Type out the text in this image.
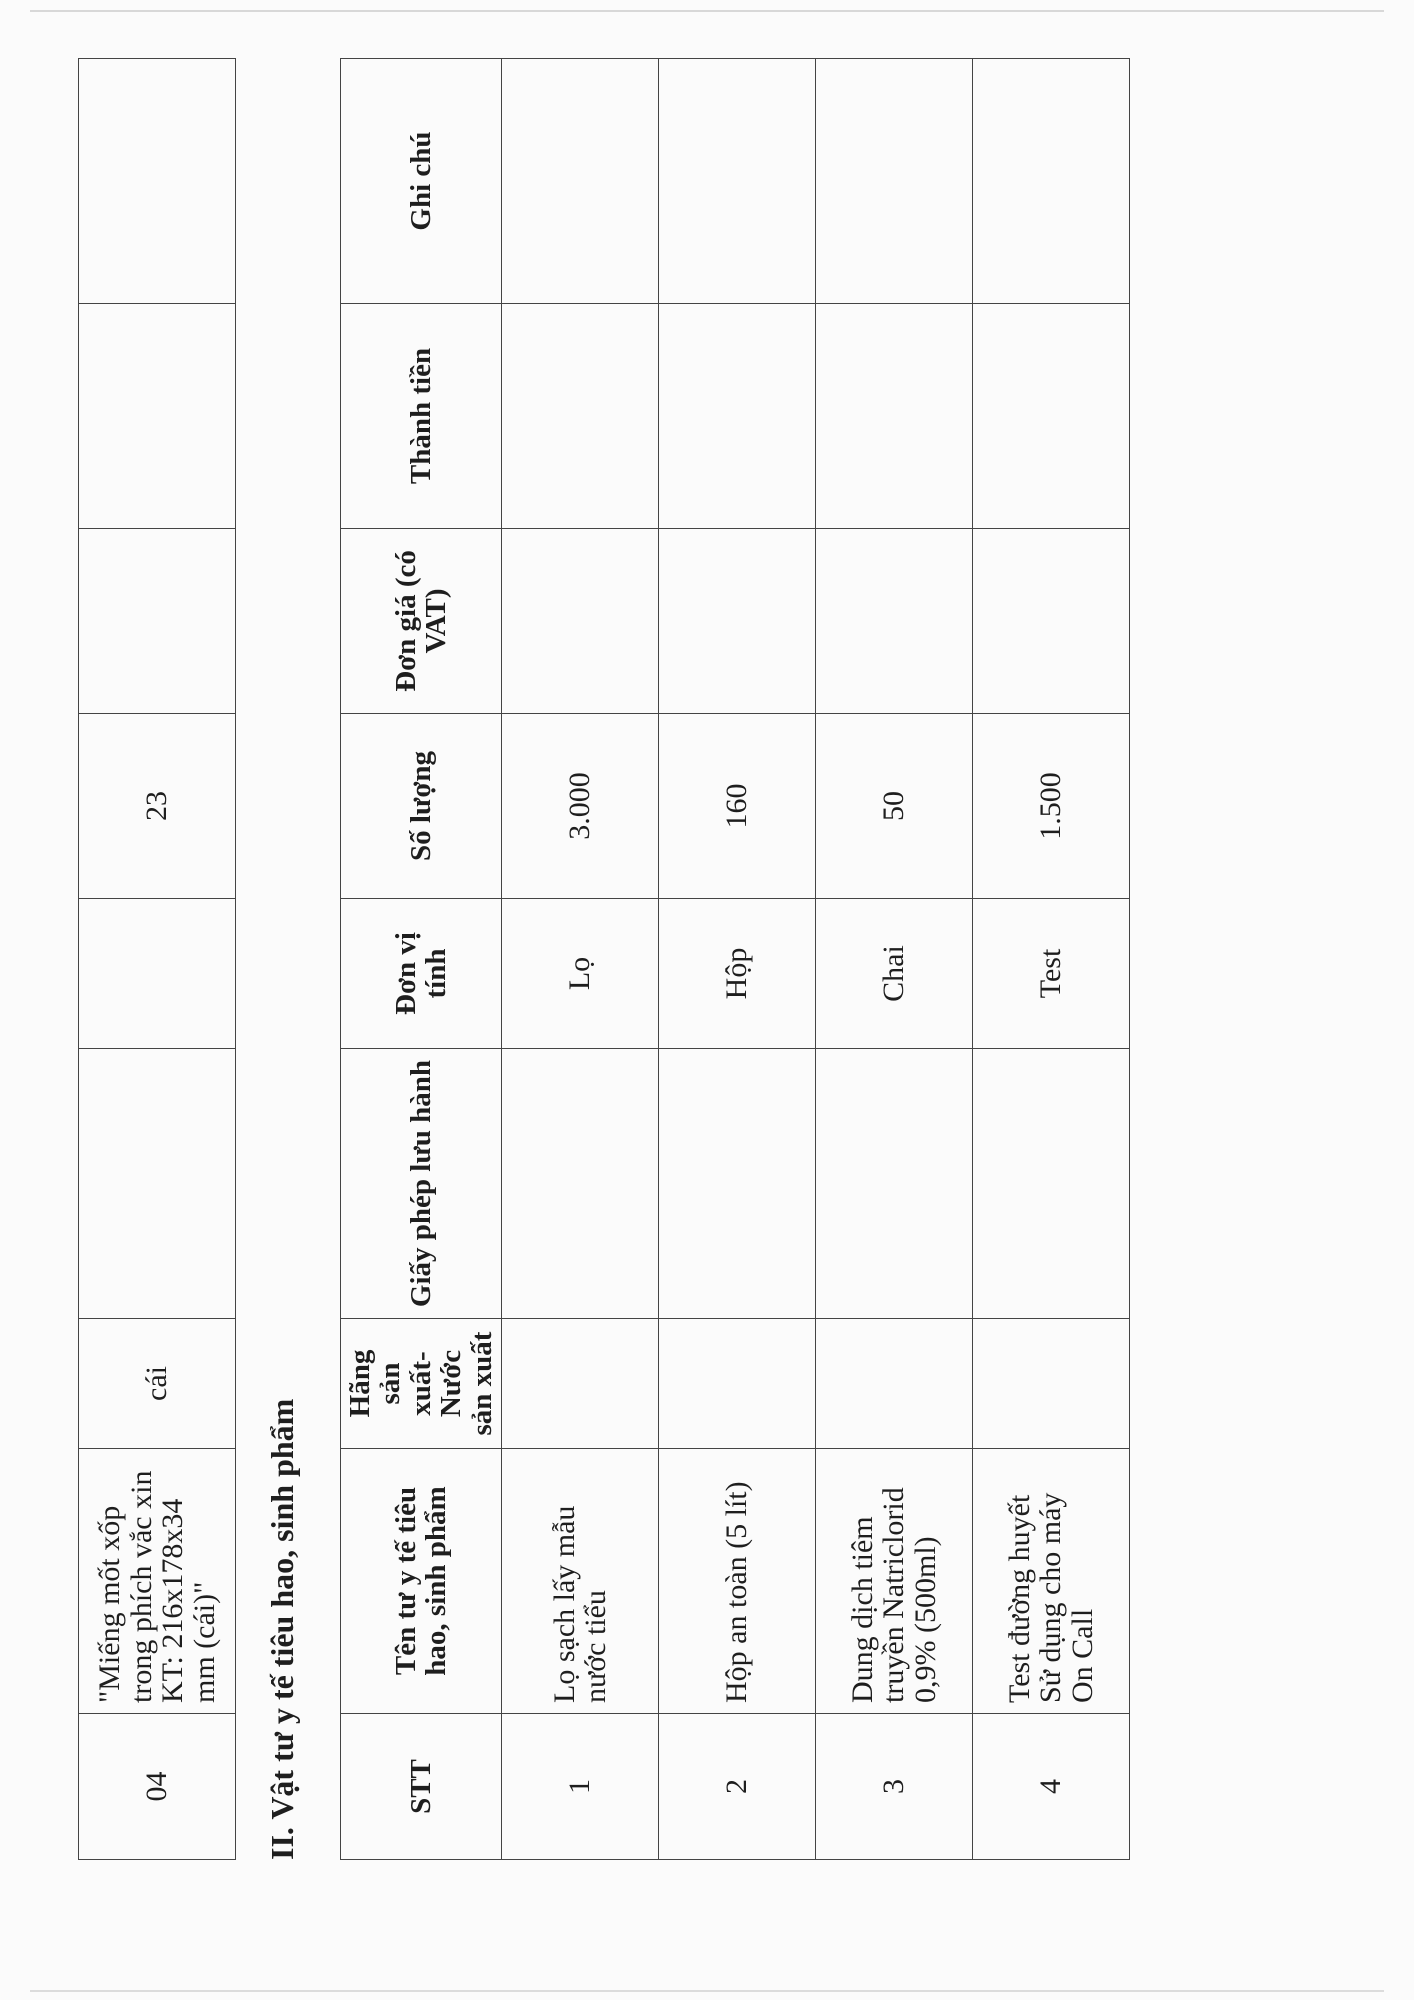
04	"Miếng mốt xốp trong phích vắc xin KT: 216x178x34 mm (cái)"	cái			23			
II. Vật tư y tế tiêu hao, sinh phẩm	STT	Tên tư y tế tiêu hao, sinh phẩm	Hãng sản xuất- Nước sản xuất	Giấy phép lưu hành	Đơn vị tính	Số lượng	Đơn giá (có VAT)	Thành tiền	Ghi chú
1	Lọ sạch lấy mẫu nước tiểu			Lọ	3.000			
2	Hộp an toàn (5 lít)			Hộp	160			
3	Dung dịch tiêm truyền Natriclorid 0,9% (500ml)			Chai	50			
4	Test đường huyết Sử dụng cho máy On Call			Test	1.500			
